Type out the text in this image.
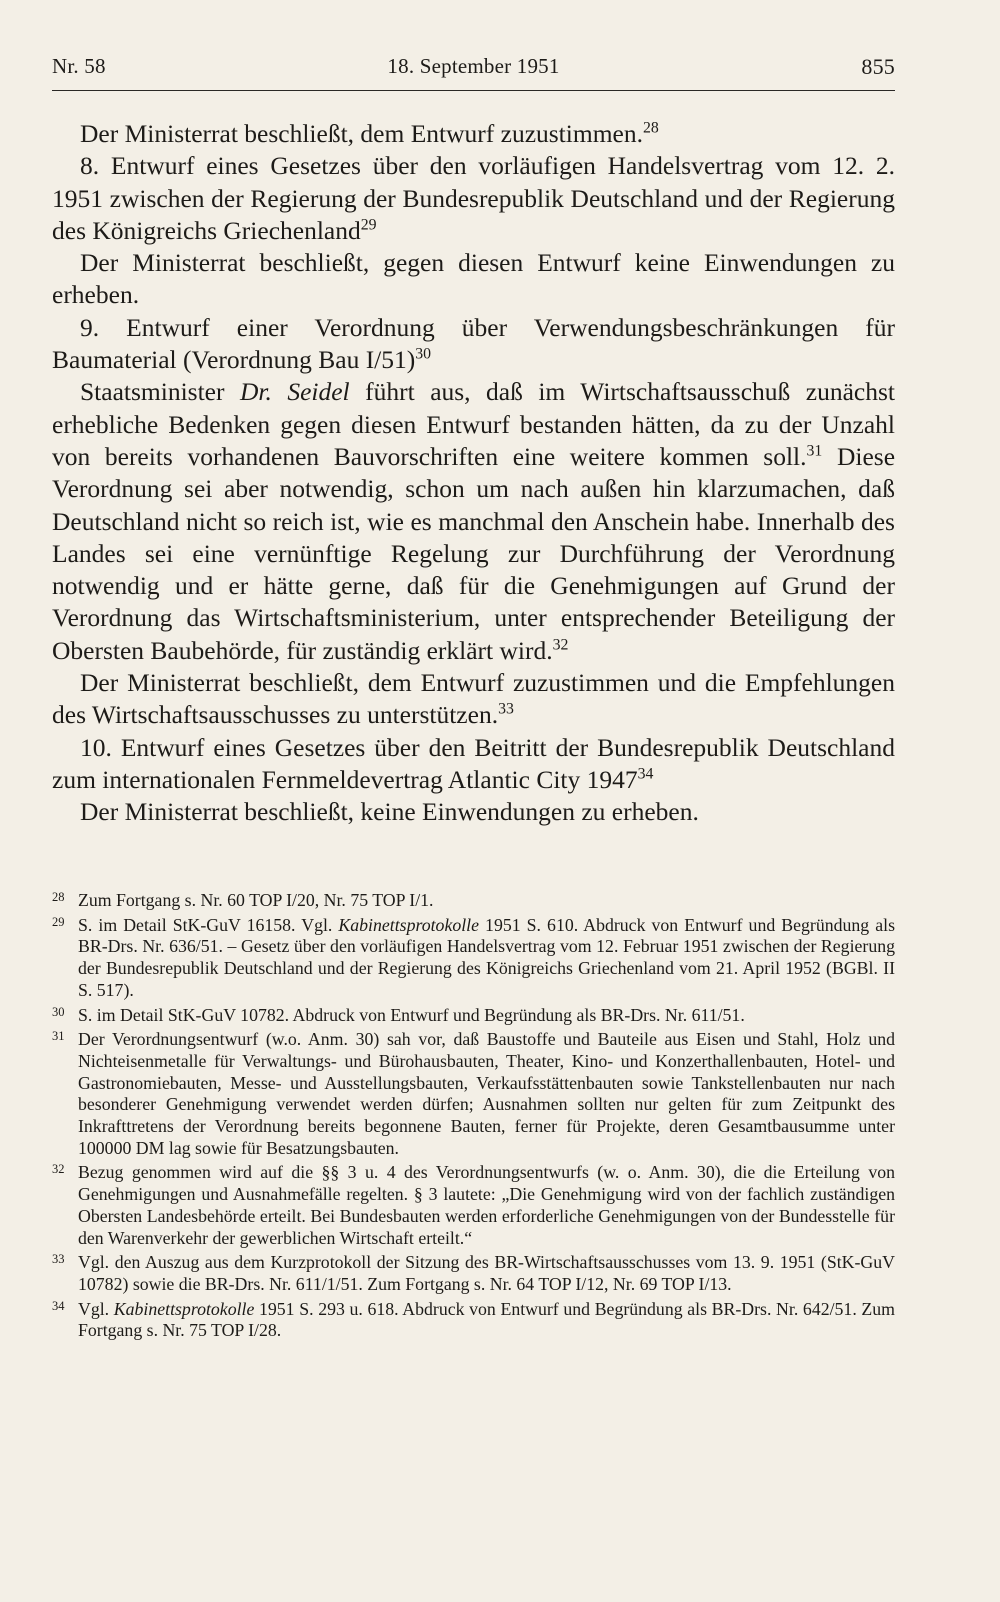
Nr. 58	18. September 1951	855

Der Ministerrat beschließt, dem Entwurf zuzustimmen.$^{28}$

8. Entwurf eines Gesetzes über den vorläufigen Handelsvertrag vom 12. 2. 1951 zwischen der Regierung der Bundesrepublik Deutschland und der Regierung des Königreichs Griechenland$^{29}$

Der Ministerrat beschließt, gegen diesen Entwurf keine Einwendungen zu erheben.

9. Entwurf einer Verordnung über Verwendungsbeschränkungen für Baumaterial (Verordnung Bau I/51)$^{30}$

Staatsminister Dr. Seidel führt aus, daß im Wirtschaftsausschuß zunächst erhebliche Bedenken gegen diesen Entwurf bestanden hätten, da zu der Unzahl von bereits vorhandenen Bauvorschriften eine weitere kommen soll.$^{31}$ Diese Verordnung sei aber notwendig, schon um nach außen hin klarzumachen, daß Deutschland nicht so reich ist, wie es manchmal den Anschein habe. Innerhalb des Landes sei eine vernünftige Regelung zur Durchführung der Verordnung notwendig und er hätte gerne, daß für die Genehmigungen auf Grund der Verordnung das Wirtschaftsministerium, unter entsprechender Beteiligung der Obersten Baubehörde, für zuständig erklärt wird.$^{32}$

Der Ministerrat beschließt, dem Entwurf zuzustimmen und die Empfehlungen des Wirtschaftsausschusses zu unterstützen.$^{33}$

10. Entwurf eines Gesetzes über den Beitritt der Bundesrepublik Deutschland zum internationalen Fernmeldevertrag Atlantic City 1947$^{34}$

Der Ministerrat beschließt, keine Einwendungen zu erheben.

28 Zum Fortgang s. Nr. 60 TOP I/20, Nr. 75 TOP I/1.

29 S. im Detail StK-GuV 16158. Vgl. Kabinettsprotokolle 1951 S. 610. Abdruck von Entwurf und Begründung als BR-Drs. Nr. 636/51. – Gesetz über den vorläufigen Handelsvertrag vom 12. Februar 1951 zwischen der Regierung der Bundesrepublik Deutschland und der Regierung des Königreichs Griechenland vom 21. April 1952 (BGBl. II S. 517).

30 S. im Detail StK-GuV 10782. Abdruck von Entwurf und Begründung als BR-Drs. Nr. 611/51.

31 Der Verordnungsentwurf (w.o. Anm. 30) sah vor, daß Baustoffe und Bauteile aus Eisen und Stahl, Holz und Nichteisenmetalle für Verwaltungs- und Bürohausbauten, Theater, Kino- und Konzerthallenbauten, Hotel- und Gastronomiebauten, Messe- und Ausstellungsbauten, Verkaufsstättenbauten sowie Tankstellenbauten nur nach besonderer Genehmigung verwendet werden dürfen; Ausnahmen sollten nur gelten für zum Zeitpunkt des Inkrafttretens der Verordnung bereits begonnene Bauten, ferner für Projekte, deren Gesamtbausumme unter 100000 DM lag sowie für Besatzungsbauten.

32 Bezug genommen wird auf die §§ 3 u. 4 des Verordnungsentwurfs (w. o. Anm. 30), die die Erteilung von Genehmigungen und Ausnahmefälle regelten. § 3 lautete: „Die Genehmigung wird von der fachlich zuständigen Obersten Landesbehörde erteilt. Bei Bundesbauten werden erforderliche Genehmigungen von der Bundesstelle für den Warenverkehr der gewerblichen Wirtschaft erteilt.“

33 Vgl. den Auszug aus dem Kurzprotokoll der Sitzung des BR-Wirtschaftsausschusses vom 13. 9. 1951 (StK-GuV 10782) sowie die BR-Drs. Nr. 611/1/51. Zum Fortgang s. Nr. 64 TOP I/12, Nr. 69 TOP I/13.

34 Vgl. Kabinettsprotokolle 1951 S. 293 u. 618. Abdruck von Entwurf und Begründung als BR-Drs. Nr. 642/51. Zum Fortgang s. Nr. 75 TOP I/28.
